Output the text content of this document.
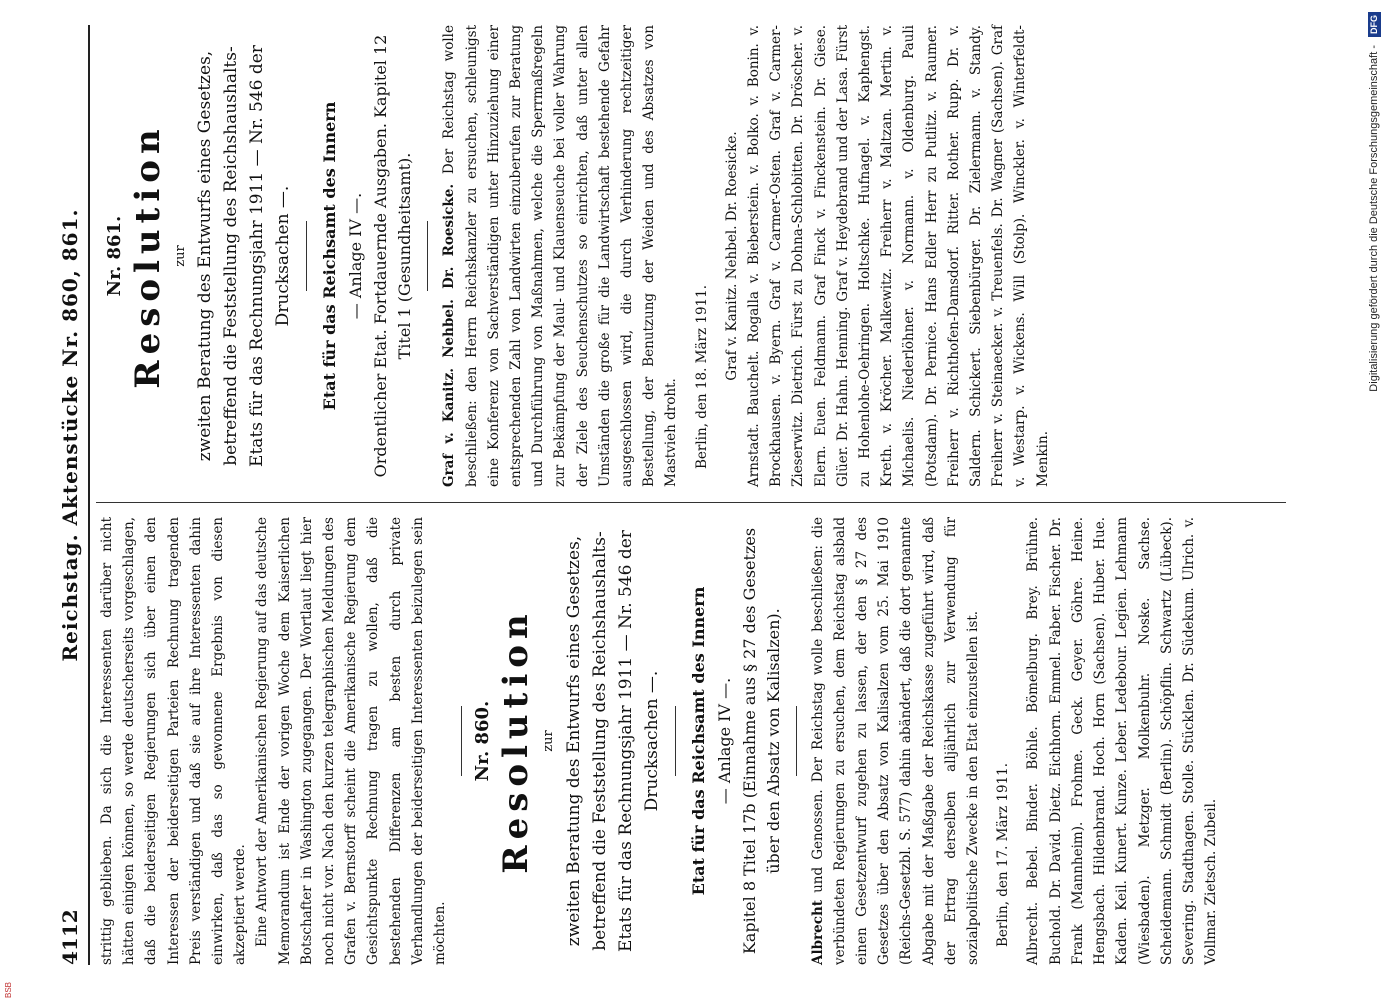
4112
Reichstag. Aktenstücke Nr. 860, 861.

strittig geblieben. Da sich die Interessenten darüber nicht hätten einigen können, so werde deutscherseits vorgeschlagen, daß die beiderseitigen Regierungen sich über einen den Interessen der beiderseitigen Parteien Rechnung tragenden Preis verständigen und daß sie auf ihre Interessenten dahin einwirken, daß das so gewonnene Ergebnis von diesen akzeptiert werde. Eine Antwort der Amerikanischen Regierung auf das deutsche Memorandum ist Ende der vorigen Woche dem Kaiserlichen Botschafter in Washington zugegangen. Der Wortlaut liegt hier noch nicht vor. Nach den kurzen telegraphischen Meldungen des Grafen v. Bernstorff scheint die Amerikanische Regierung dem Gesichtspunkte Rechnung tragen zu wollen, daß die bestehenden Differenzen am besten durch private Verhandlungen der beiderseitigen Interessenten beizulegen sein möchten.

Nr. 860. Resolution zur zweiten Beratung des Entwurfs eines Gesetzes, betreffend die Feststellung des Reichshaushalts-Etats für das Rechnungsjahr 1911 — Nr. 546 der Drucksachen —. Etat für das Reichsamt des Innern — Anlage IV —. Kapitel 8 Titel 17b (Einnahme aus § 27 des Gesetzes über den Absatz von Kalisalzen).

Albrecht und Genossen. Der Reichstag wolle beschließen: die verbündeten Regierungen zu ersuchen, dem Reichstag alsbald einen Gesetzentwurf zugehen zu lassen, der den § 27 des Gesetzes über den Absatz von Kalisalzen vom 25. Mai 1910 (Reichs-Gesetzbl. S. 577) dahin abändert, daß die dort genannte Abgabe mit der Maßgabe der Reichskasse zugeführt wird, daß der Ertrag derselben alljährlich zur Verwendung für sozialpolitische Zwecke in den Etat einzustellen ist. Berlin, den 17. März 1911. Albrecht. Bebel. Binder. Böhle. Bömelburg. Brey. Brühne. Buchold. Dr. David. Dietz. Eichhorn. Emmel. Faber. Fischer. Dr. Frank (Mannheim). Frohme. Geck. Geyer. Göhre. Heine. Hengsbach. Hildenbrand. Hoch. Horn (Sachsen). Huber. Hue. Kaden. Keil. Kunert. Kunze. Leber. Ledebour. Legien. Lehmann (Wiesbaden). Metzger. Molkenbuhr. Noske. Sachse. Scheidemann. Schmidt (Berlin). Schöpflin. Schwartz (Lübeck). Severing. Stadthagen. Stolle. Stücklen. Dr. Südekum. Ulrich. v. Vollmar. Zietsch. Zubeil.

Nr. 861. Resolution zur zweiten Beratung des Entwurfs eines Gesetzes, betreffend die Feststellung des Reichshaushalts-Etats für das Rechnungsjahr 1911 — Nr. 546 der Drucksachen —. Etat für das Reichsamt des Innern — Anlage IV —. Ordentlicher Etat. Fortdauernde Ausgaben. Kapitel 12 Titel 1 (Gesundheitsamt). Graf v. Kanitz. Nehbel. Dr. Roesicke. Der Reichstag wolle beschließen: den Herrn Reichskanzler zu ersuchen, schleunigst eine Konferenz von Sachverständigen unter Hinzuziehung einer entsprechenden Zahl von Landwirten einzuberufen zur Beratung und Durchführung von Maßnahmen, welche die Sperrmaßregeln zur Bekämpfung der Maul- und Klauenseuche bei voller Wahrung der Ziele des Seuchenschutzes so einrichten, daß unter allen Umständen die große für die Landwirtschaft bestehende Gefahr ausgeschlossen wird, die durch Verhinderung rechtzeitiger Bestellung, der Benutzung der Weiden und des Absatzes von Mastvieh droht. Berlin, den 18. März 1911. Graf v. Kanitz. Nehbel. Dr. Roesicke. Arnstadt. Bauchelt. Rogalla v. Bieberstein. v. Bolko. v. Bonin. v. Brockhausen. v. Byern. Graf v. Carmer-Osten. Graf v. Carmer-Zieserwitz. Dietrich. Fürst zu Dohna-Schlobitten. Dr. Dröscher. v. Elern. Euen. Feldmann. Graf Finck v. Finckenstein. Dr. Giese. Glüer. Dr. Hahn. Henning. Graf v. Heydebrand und der Lasa. Fürst zu Hohenlohe-Oehringen. Holtschke. Hufnagel. v. Kaphengst. Kreth. v. Kröcher. Malkewitz. Freiherr v. Maltzan. Mertin. v. Michaelis. Niederlöhner. v. Normann. v. Oldenburg. Pauli (Potsdam). Dr. Pernice. Hans Edler Herr zu Putlitz. v. Raumer. Freiherr v. Richthofen-Damsdorf. Ritter. Rother. Rupp. Dr. v. Saldern. Schickert. Siebenbürger. Dr. Zielermann. v. Standy. Freiherr v. Steinaecker. v. Treuenfels. Dr. Wagner (Sachsen). Graf v. Westarp. v. Wickens. Will (Stolp). Winckler. v. Winterfeldt-Menkin.

Digitalisierung gefördert durch die Deutsche Forschungsgemeinschaft -
DFG
BSB
